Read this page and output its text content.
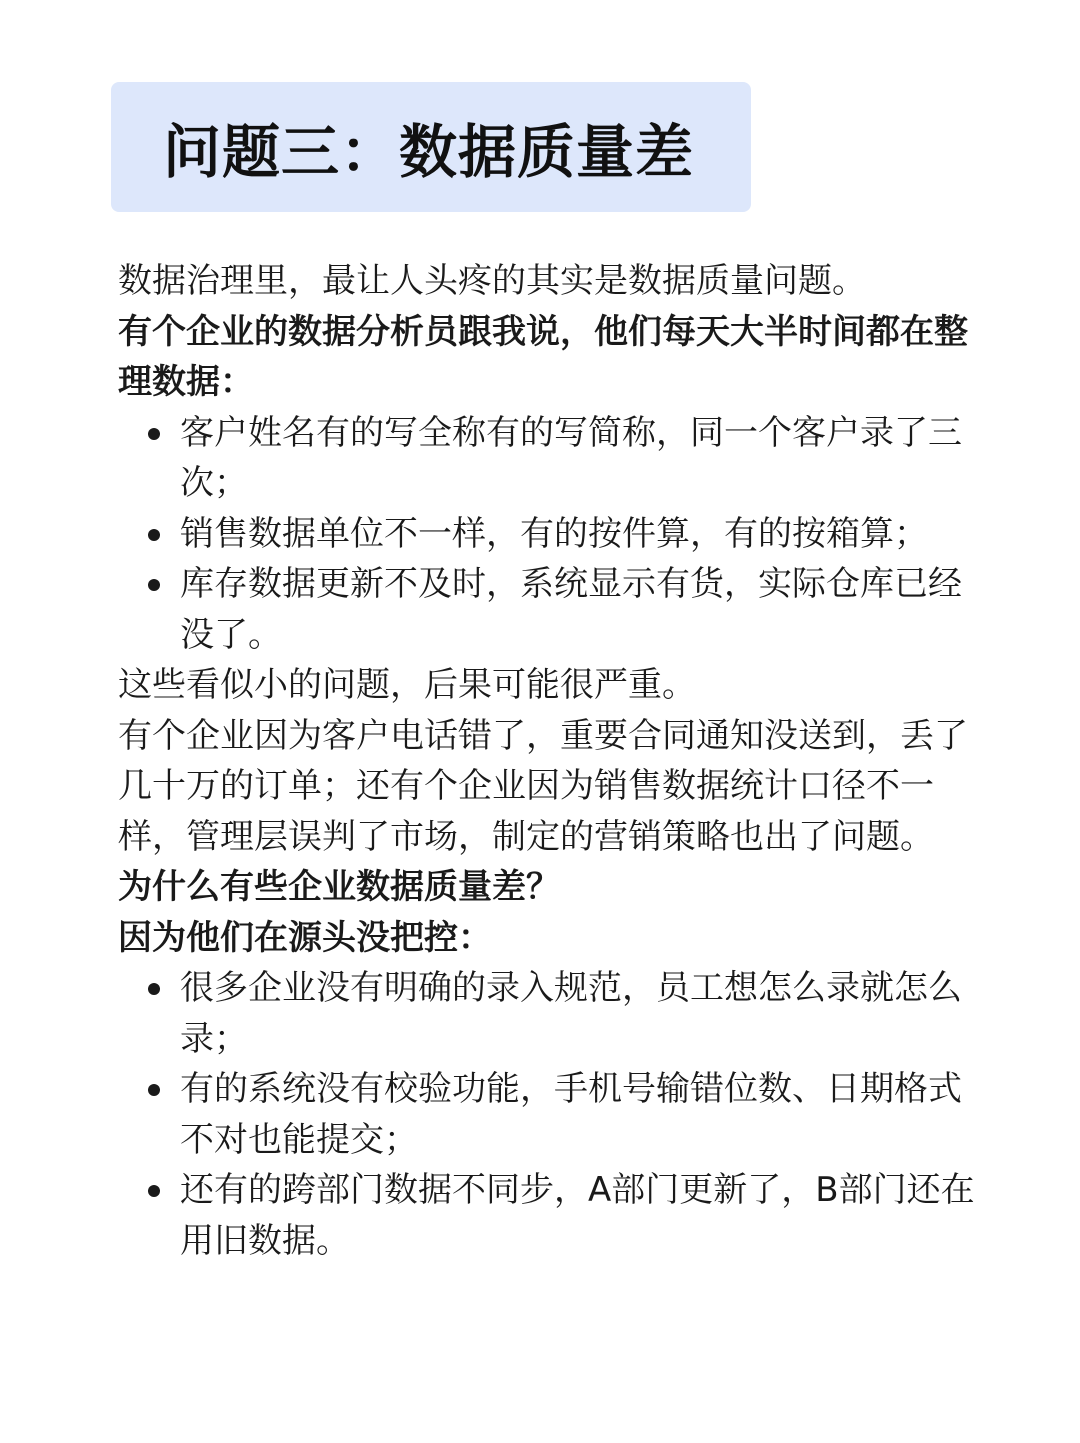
问题三：数据质量差

数据治理里，最让人头疼的其实是数据质量问题。

有个企业的数据分析员跟我说，他们每天大半时间都在整理数据：

客户姓名有的写全称有的写简称，同一个客户录了三次；
销售数据单位不一样，有的按件算，有的按箱算；
库存数据更新不及时，系统显示有货，实际仓库已经没了。

这些看似小的问题，后果可能很严重。

有个企业因为客户电话错了，重要合同通知没送到，丢了几十万的订单；还有个企业因为销售数据统计口径不一样，管理层误判了市场，制定的营销策略也出了问题。

为什么有些企业数据质量差？

因为他们在源头没把控：

很多企业没有明确的录入规范，员工想怎么录就怎么录；
有的系统没有校验功能，手机号输错位数、日期格式不对也能提交；
还有的跨部门数据不同步，A部门更新了，B部门还在用旧数据。
